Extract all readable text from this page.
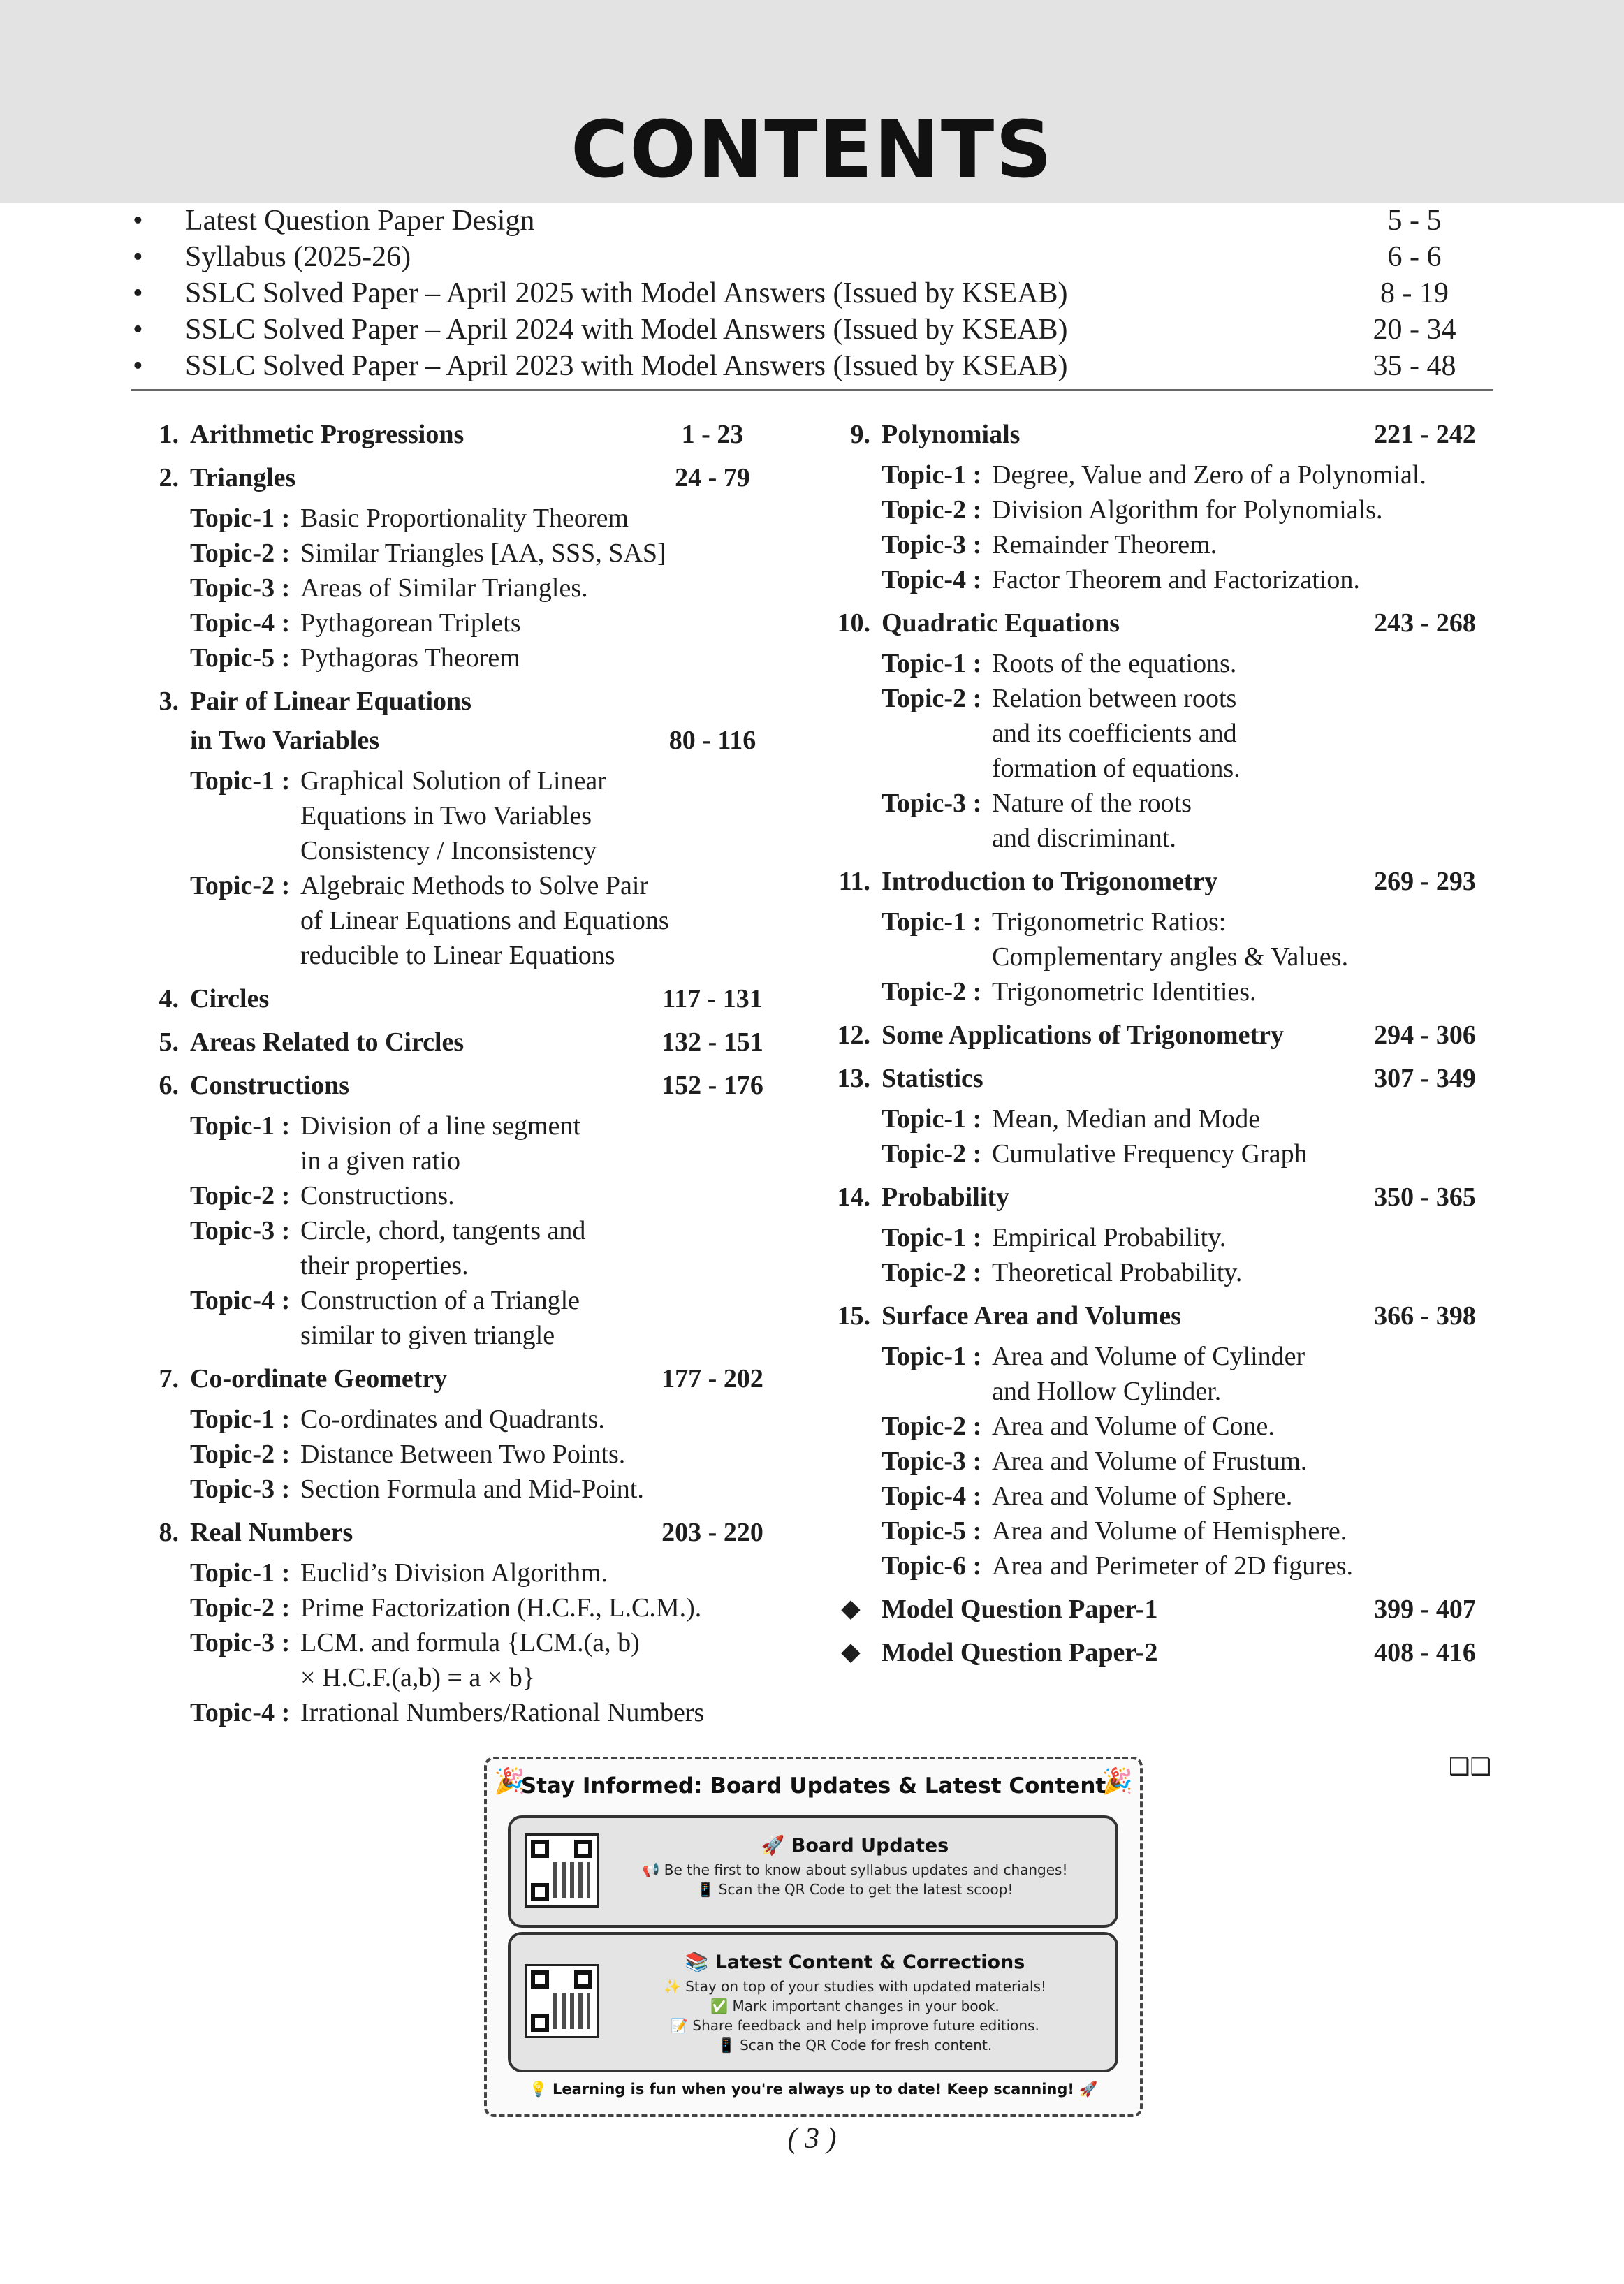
CONTENTS
•	Latest Question Paper Design	5 - 5
•	Syllabus (2025-26)	6 - 6
•	SSLC Solved Paper – April 2025 with Model Answers (Issued by KSEAB)	8 - 19
•	SSLC Solved Paper – April 2024 with Model Answers (Issued by KSEAB)	20 - 34
•	SSLC Solved Paper – April 2023 with Model Answers (Issued by KSEAB)	35 - 48
1. Arithmetic Progressions	1 - 23
2. Triangles	24 - 79
Topic-1 : Basic Proportionality Theorem
Topic-2 : Similar Triangles [AA, SSS, SAS]
Topic-3 : Areas of Similar Triangles.
Topic-4 : Pythagorean Triplets
Topic-5 : Pythagoras Theorem
3. Pair of Linear Equations
in Two Variables	80 - 116
Topic-1 : Graphical Solution of Linear
Equations in Two Variables
Consistency / Inconsistency
Topic-2 : Algebraic Methods to Solve Pair
of Linear Equations and Equations
reducible to Linear Equations
4. Circles	117 - 131
5. Areas Related to Circles	132 - 151
6. Constructions	152 - 176
Topic-1 : Division of a line segment
in a given ratio
Topic-2 : Constructions.
Topic-3 : Circle, chord, tangents and
their properties.
Topic-4 : Construction of a Triangle
similar to given triangle
7. Co-ordinate Geometry	177 - 202
Topic-1 : Co-ordinates and Quadrants.
Topic-2 : Distance Between Two Points.
Topic-3 : Section Formula and Mid-Point.
8. Real Numbers	203 - 220
Topic-1 : Euclid’s Division Algorithm.
Topic-2 : Prime Factorization (H.C.F., L.C.M.).
Topic-3 : LCM. and formula {LCM.(a, b)
× H.C.F.(a,b) = a × b}
Topic-4 : Irrational Numbers/Rational Numbers
9. Polynomials	221 - 242
Topic-1 : Degree, Value and Zero of a Polynomial.
Topic-2 : Division Algorithm for Polynomials.
Topic-3 : Remainder Theorem.
Topic-4 : Factor Theorem and Factorization.
10. Quadratic Equations	243 - 268
Topic-1 : Roots of the equations.
Topic-2 : Relation between roots
and its coefficients and
formation of equations.
Topic-3 : Nature of the roots
and discriminant.
11. Introduction to Trigonometry	269 - 293
Topic-1 : Trigonometric Ratios:
Complementary angles & Values.
Topic-2 : Trigonometric Identities.
12. Some Applications of Trigonometry	294 - 306
13. Statistics	307 - 349
Topic-1 : Mean, Median and Mode
Topic-2 : Cumulative Frequency Graph
14. Probability	350 - 365
Topic-1 : Empirical Probability.
Topic-2 : Theoretical Probability.
15. Surface Area and Volumes	366 - 398
Topic-1 : Area and Volume of Cylinder
and Hollow Cylinder.
Topic-2 : Area and Volume of Cone.
Topic-3 : Area and Volume of Frustum.
Topic-4 : Area and Volume of Sphere.
Topic-5 : Area and Volume of Hemisphere.
Topic-6 : Area and Perimeter of 2D figures.
◆ Model Question Paper-1	399 - 407
◆ Model Question Paper-2	408 - 416
❑❑
🎉	🎉
Stay Informed: Board Updates & Latest Content
🚀 Board Updates
📢 Be the first to know about syllabus updates and changes!
📱 Scan the QR Code to get the latest scoop!
📚 Latest Content & Corrections
✨ Stay on top of your studies with updated materials!
✅ Mark important changes in your book.
📝 Share feedback and help improve future editions.
📱 Scan the QR Code for fresh content.
💡 Learning is fun when you're always up to date! Keep scanning! 🚀
( 3 )
